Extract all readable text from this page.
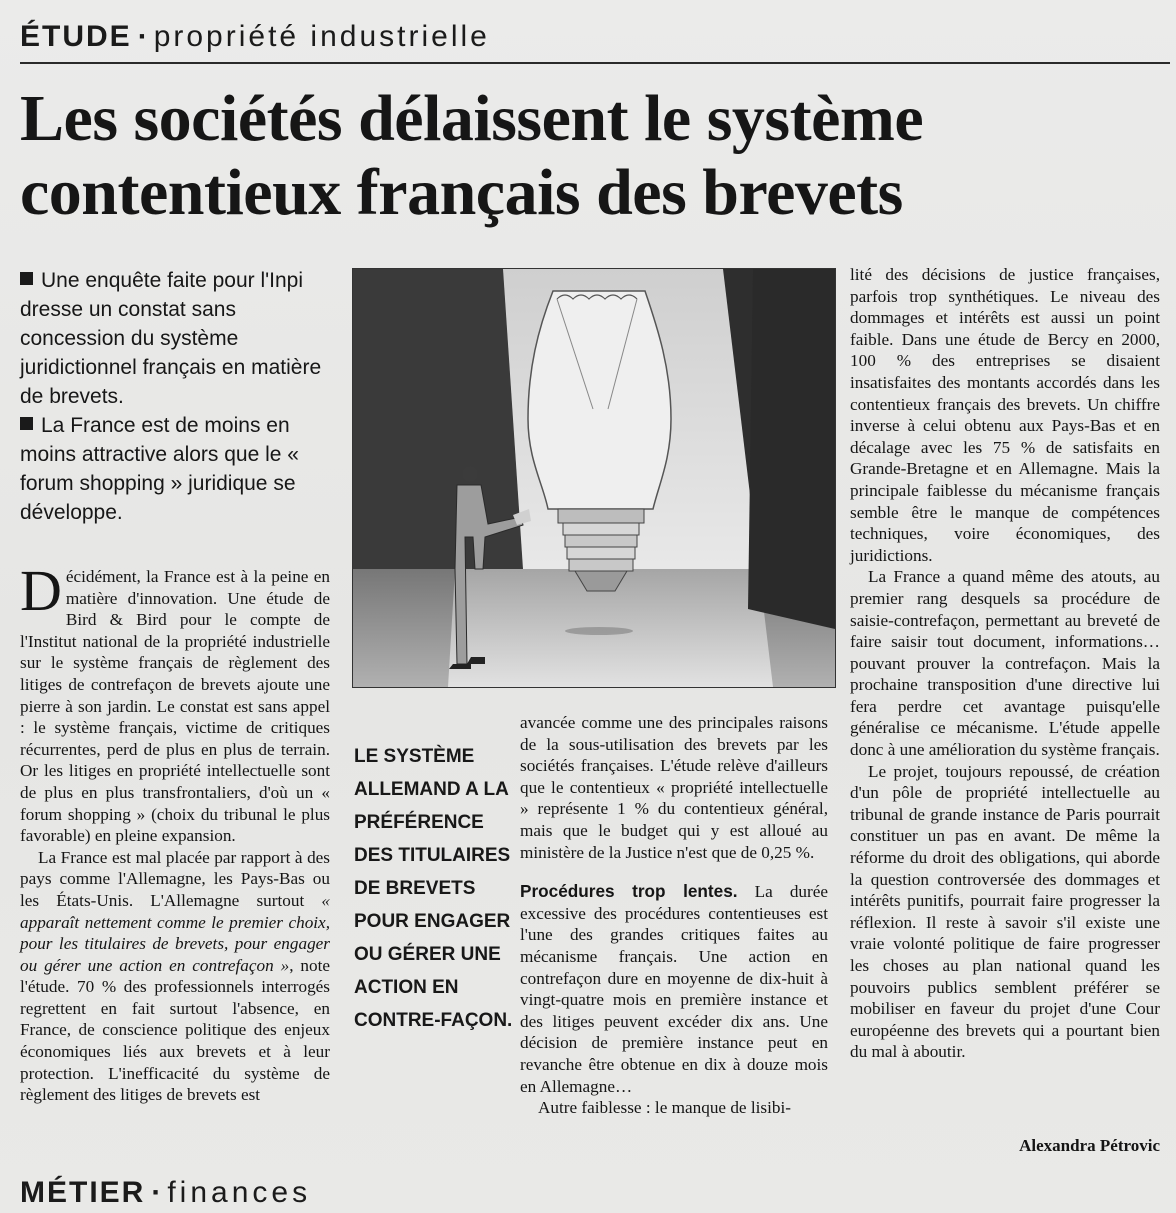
ÉTUDE · propriété industrielle
Les sociétés délaissent le système contentieux français des brevets

Une enquête faite pour l'Inpi dresse un constat sans concession du système juridictionnel français en matière de brevets.

La France est de moins en moins attractive alors que le « forum shopping » juridique se développe.

Décidément, la France est à la peine en matière d'innovation. Une étude de Bird & Bird pour le compte de l'Institut national de la propriété industrielle sur le système français de règlement des litiges de contrefaçon de brevets ajoute une pierre à son jardin. Le constat est sans appel : le système français, victime de critiques récurrentes, perd de plus en plus de terrain. Or les litiges en propriété intellectuelle sont de plus en plus transfrontaliers, d'où un « forum shopping » (choix du tribunal le plus favorable) en pleine expansion.

La France est mal placée par rapport à des pays comme l'Allemagne, les Pays-Bas ou les États-Unis. L'Allemagne surtout « apparaît nettement comme le premier choix, pour les titulaires de brevets, pour engager ou gérer une action en contrefaçon », note l'étude. 70 % des professionnels interrogés regrettent en fait surtout l'absence, en France, de conscience politique des enjeux économiques liés aux brevets et à leur protection. L'inefficacité du système de règlement des litiges de brevets est

LE SYSTÈME ALLEMAND A LA PRÉFÉRENCE DES TITULAIRES DE BREVETS POUR ENGAGER OU GÉRER UNE ACTION EN CONTRE-FAÇON.

avancée comme une des principales raisons de la sous-utilisation des brevets par les sociétés françaises. L'étude relève d'ailleurs que le contentieux « propriété intellectuelle » représente 1 % du contentieux général, mais que le budget qui y est alloué au ministère de la Justice n'est que de 0,25 %.

Procédures trop lentes. La durée excessive des procédures contentieuses est l'une des grandes critiques faites au mécanisme français. Une action en contrefaçon dure en moyenne de dix-huit à vingt-quatre mois en première instance et des litiges peuvent excéder dix ans. Une décision de première instance peut en revanche être obtenue en dix à douze mois en Allemagne…

Autre faiblesse : le manque de lisibi-

lité des décisions de justice françaises, parfois trop synthétiques. Le niveau des dommages et intérêts est aussi un point faible. Dans une étude de Bercy en 2000, 100 % des entreprises se disaient insatisfaites des montants accordés dans les contentieux français des brevets. Un chiffre inverse à celui obtenu aux Pays-Bas et en décalage avec les 75 % de satisfaits en Grande-Bretagne et en Allemagne. Mais la principale faiblesse du mécanisme français semble être le manque de compétences techniques, voire économiques, des juridictions.

La France a quand même des atouts, au premier rang desquels sa procédure de saisie-contrefaçon, permettant au breveté de faire saisir tout document, informations… pouvant prouver la contrefaçon. Mais la prochaine transposition d'une directive lui fera perdre cet avantage puisqu'elle généralise ce mécanisme. L'étude appelle donc à une amélioration du système français.

Le projet, toujours repoussé, de création d'un pôle de propriété intellectuelle au tribunal de grande instance de Paris pourrait constituer un pas en avant. De même la réforme du droit des obligations, qui aborde la question controversée des dommages et intérêts punitifs, pourrait faire progresser la réflexion. Il reste à savoir s'il existe une vraie volonté politique de faire progresser les choses au plan national quand les pouvoirs publics semblent préférer se mobiliser en faveur du projet d'une Cour européenne des brevets qui a pourtant bien du mal à aboutir.

Alexandra Pétrovic
MÉTIER · finances
